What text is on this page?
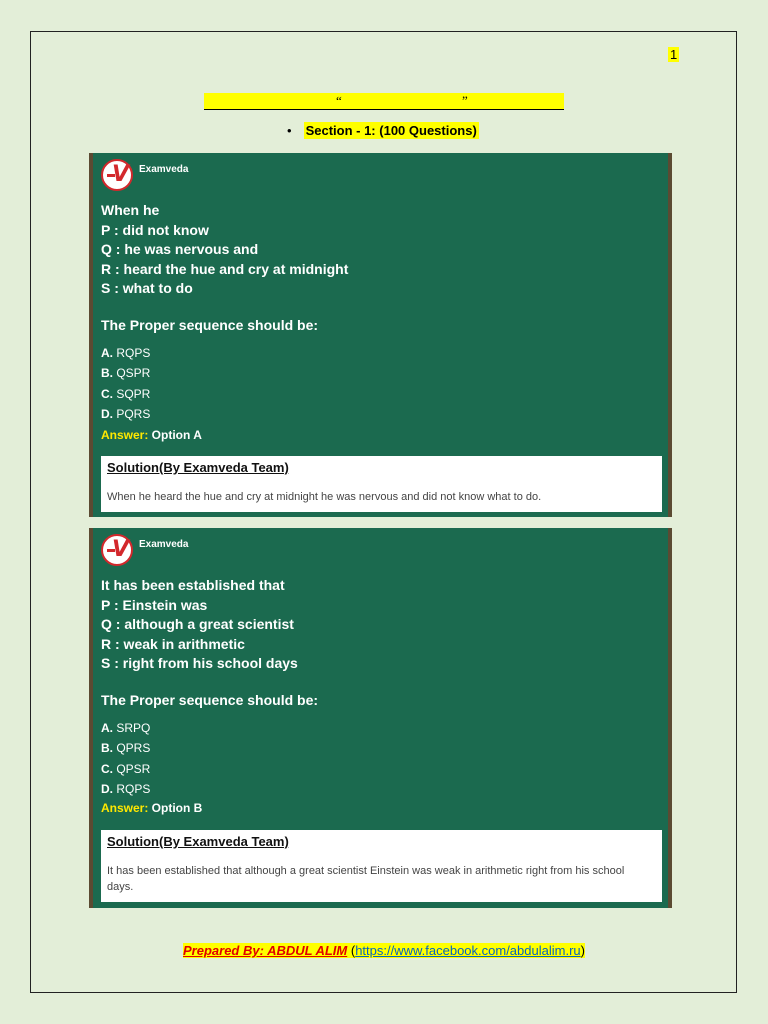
1
“	”
• Section - 1: (100 Questions)
V Examveda
When he
P : did not know
Q : he was nervous and
R : heard the hue and cry at midnight
S : what to do
The Proper sequence should be:
A. RQPS
B. QSPR
C. SQPR
D. PQRS
Answer: Option A
Solution(By Examveda Team)
When he heard the hue and cry at midnight he was nervous and did not know what to do.
V Examveda
It has been established that
P : Einstein was
Q : although a great scientist
R : weak in arithmetic
S : right from his school days
The Proper sequence should be:
A. SRPQ
B. QPRS
C. QPSR
D. RQPS
Answer: Option B
Solution(By Examveda Team)
It has been established that although a great scientist Einstein was weak in arithmetic right from his school days.
Prepared By: ABDUL ALIM (https://www.facebook.com/abdulalim.ru)
